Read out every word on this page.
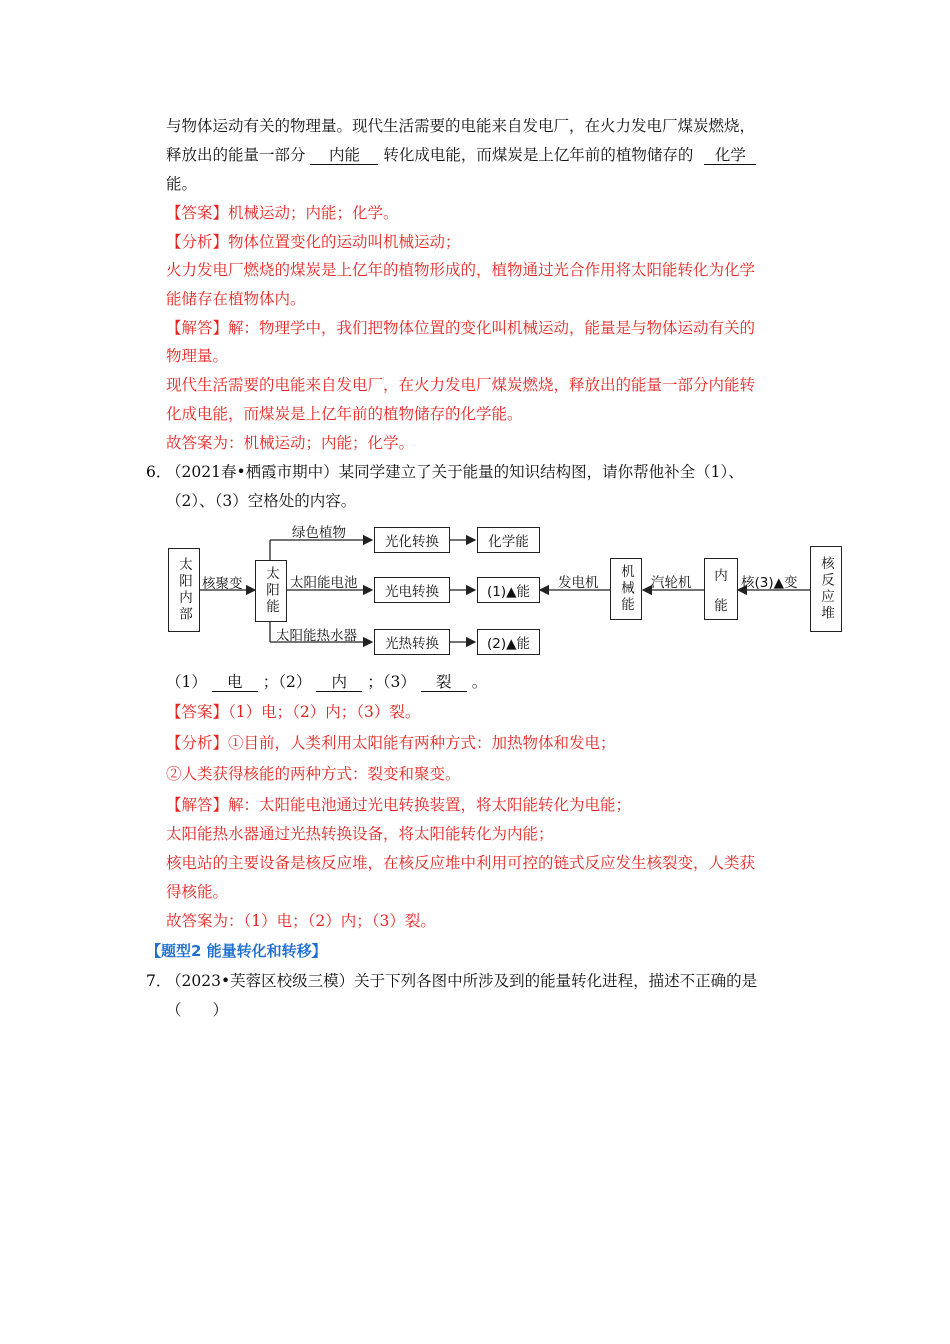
与物体运动有关的物理量。现代生活需要的电能来自发电厂，在火力发电厂煤炭燃烧，
释放出的能量一部分 内能 转化成电能，而煤炭是上亿年前的植物储存的 化学
能。
【答案】机械运动；内能；化学。
【分析】物体位置变化的运动叫机械运动；
火力发电厂燃烧的煤炭是上亿年的植物形成的，植物通过光合作用将太阳能转化为化学
能储存在植物体内。
【解答】解：物理学中，我们把物体位置的变化叫机械运动，能量是与物体运动有关的
物理量。
现代生活需要的电能来自发电厂，在火力发电厂煤炭燃烧，释放出的能量一部分内能转
化成电能，而煤炭是上亿年前的植物储存的化学能。
故答案为：机械运动；内能；化学。
6．
（2021春•栖霞市期中）某同学建立了关于能量的知识结构图，请你帮他补全（1）、
（2）、（3）空格处的内容。
太阳内部 核聚变	太阳能
绿色植物
太阳能电池
太阳能热水器
光化转换
光电转换
光热转换
化学能
(1)▲能
(2)▲能
发电机	机械能	汽轮机 内
能
核(3)▲变	核反应堆
（1） 电 ；（2） 内 ；（3） 裂 。
【答案】（1）电；（2）内；（3）裂。
【分析】①目前，人类利用太阳能有两种方式：加热物体和发电；
②人类获得核能的两种方式：裂变和聚变。
【解答】解：太阳能电池通过光电转换装置，将太阳能转化为电能；
太阳能热水器通过光热转换设备，将太阳能转化为内能；
核电站的主要设备是核反应堆，在核反应堆中利用可控的链式反应发生核裂变，人类获
得核能。
故答案为：（1）电；（2）内；（3）裂。
【题型2 能量转化和转移】
7．
（2023•芙蓉区校级三模）关于下列各图中所涉及到的能量转化进程，描述不正确的是
（　　）
